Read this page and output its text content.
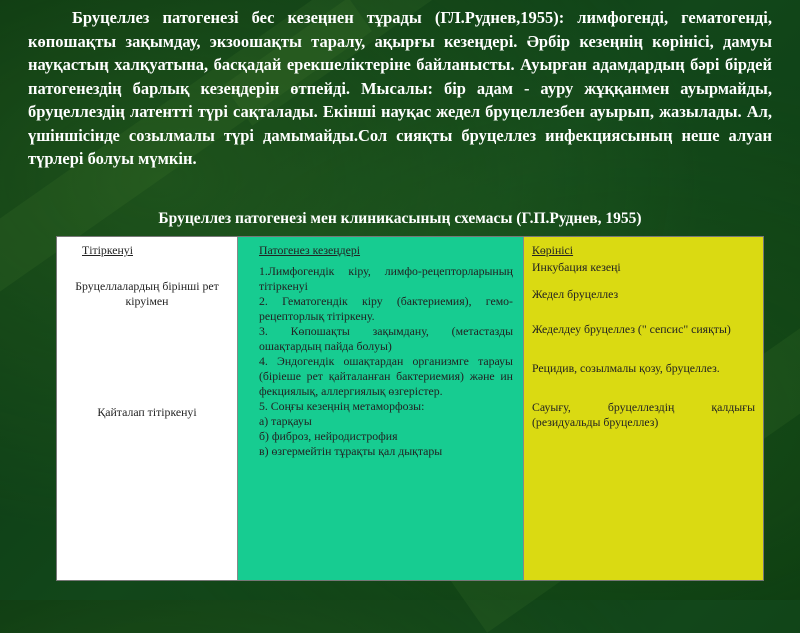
Бруцеллез патогенезі бес кезеңнен тұрады (ГЛ.Руднев,1955): лимфогенді, гематогенді, көпошақты зақымдау, экзоошақты таралу, ақырғы кезеңдері. Әрбір кезеңнің көрінісі, дамуы науқастың халқуатына, басқадай ерекшеліктеріне байланысты. Ауырған адамдардың бәрі бірдей патогенездің барлық кезеңдерін өтпейді. Мысалы: бір адам - ауру жұққанмен ауырмайды, бруцеллездің латентті түрі сақталады. Екінші науқас жедел бруцеллезбен ауырып, жазылады. Ал, үшіншісінде созылмалы түрі дамымайды.Сол сияқты бруцеллез инфекциясының неше алуан түрлері болуы мүмкін.

Бруцеллез патогенезі мен клиникасының схемасы (Г.П.Руднев, 1955)
Тітіркенуі
Бруцеллалардың бірінші рет кіруімен
Қайталап тітіркенуі
Патогенез кезеңдері

1.Лимфогендік кіру, лимфо-рецепторларының тітіркенуі

2. Гематогендік кіру (бактериемия), гемо- рецепторлық тітіркену.

3. Көпошақты зақымдану, (метастазды ошақтардың пайда болуы)

4. Эндогендік ошақтардан организмге тарауы (біріеше рет қайталанған бактериемия) және ин фекциялық, аллергиялық өзгерістер.

5. Соңғы кезеңнің метаморфозы:

а) тарқауы

б) фиброз, нейродистрофия

в) өзгермейтін тұрақты қал дықтары

Көрінісі

Инкубация кезеңі

Жедел бруцеллез

Жеделдеу бруцеллез (" сепсис" сияқты)

Рецидив, созылмалы қозу, бруцеллез.

Сауығу, бруцеллездің қалдығы (резидуальды бруцеллез)
